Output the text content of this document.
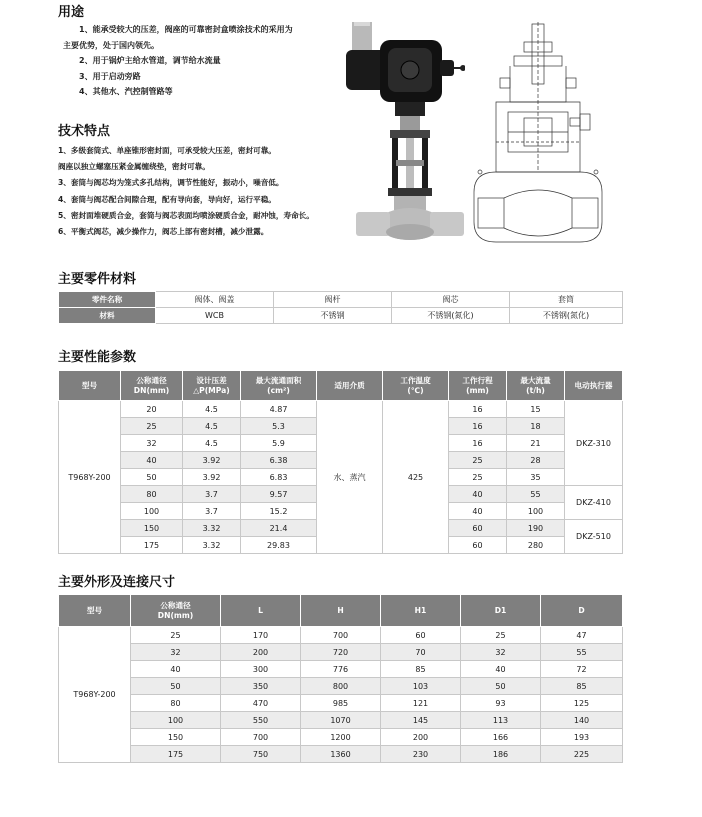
用途
1、能承受较大的压差，阀座的可靠密封盒喷涂技术的采用为
主要优势，处于国内领先。
2、用于锅炉主给水管道，调节给水流量
3、用于启动旁路
4、其他水、汽控制管路等
技术特点
1、多级套筒式、单座锥形密封面，可承受较大压差，密封可靠。
阀座以独立螺塞压紧金属缠绕垫，密封可靠。
3、套筒与阀芯均为笼式多孔结构，调节性能好，振动小，噪音低。
4、套筒与阀芯配合间隙合理，配有导向套，导向好，运行平稳。
5、密封面堆硬质合金，套筒与阀芯表面均喷涂硬质合金，耐冲蚀，寿命长。
6、平衡式阀芯，减少操作力，阀芯上部有密封槽，减少泄露。
主要零件材料
零件名称	阀体、阀盖	阀杆	阀芯	套筒
材料	WCB	不锈钢	不锈钢(氮化)	不锈钢(氮化)
主要性能参数
型号	公称通径
DN(mm)	设计压差
△P(MPa)	最大流通面积
(cm²)	适用介质	工作温度
(℃)	工作行程
(mm)	最大流量
(t/h)	电动执行器
T968Y-200	20	4.5	4.87	水、蒸汽	425	16	15	DKZ-310
	25	4.5	5.3			16	18	
	32	4.5	5.9			16	21	
	40	3.92	6.38			25	28	
	50	3.92	6.83			25	35	
	80	3.7	9.57			40	55	DKZ-410
	100	3.7	15.2			40	100	
	150	3.32	21.4			60	190	DKZ-510
	175	3.32	29.83			60	280	
主要外形及连接尺寸
型号	公称通径
DN(mm)	L	H	H1	D1	D
T968Y-200	25	170	700	60	25	47
	32	200	720	70	32	55
	40	300	776	85	40	72
	50	350	800	103	50	85
	80	470	985	121	93	125
	100	550	1070	145	113	140
	150	700	1200	200	166	193
	175	750	1360	230	186	225
